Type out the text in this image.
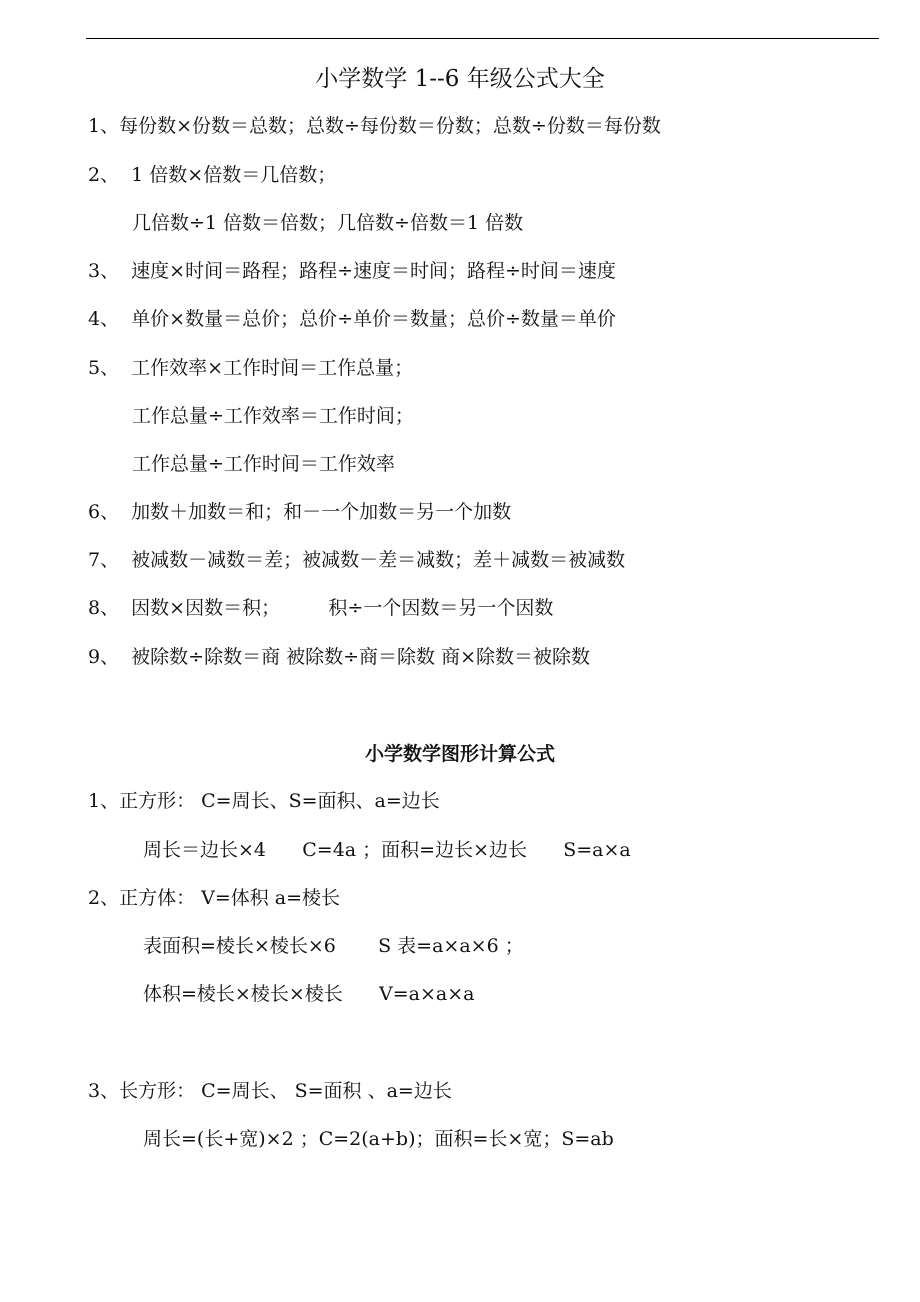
小学数学 1--6 年级公式大全
1、每份数×份数＝总数；总数÷每份数＝份数；总数÷份数＝每份数
2、  1 倍数×倍数＝几倍数；
几倍数÷1 倍数＝倍数；几倍数÷倍数＝1 倍数
3、  速度×时间＝路程；路程÷速度＝时间；路程÷时间＝速度
4、  单价×数量＝总价；总价÷单价＝数量；总价÷数量＝单价
5、  工作效率×工作时间＝工作总量；
工作总量÷工作效率＝工作时间；
工作总量÷工作时间＝工作效率
6、  加数＋加数＝和；和－一个加数＝另一个加数
7、  被减数－减数＝差；被减数－差＝减数；差＋减数＝被减数
8、  因数×因数＝积；        积÷一个因数＝另一个因数
9、  被除数÷除数＝商 被除数÷商＝除数 商×除数＝被除数
小学数学图形计算公式
1、正方形： C=周长、S=面积、a=边长
周长＝边长×4      C=4a ；面积=边长×边长      S=a×a
2、正方体： V=体积 a=棱长
表面积=棱长×棱长×6       S 表=a×a×6 ；
体积=棱长×棱长×棱长      V=a×a×a
3、长方形： C=周长、 S=面积 、a=边长
周长=(长+宽)×2 ；C=2(a+b)；面积=长×宽；S=ab
